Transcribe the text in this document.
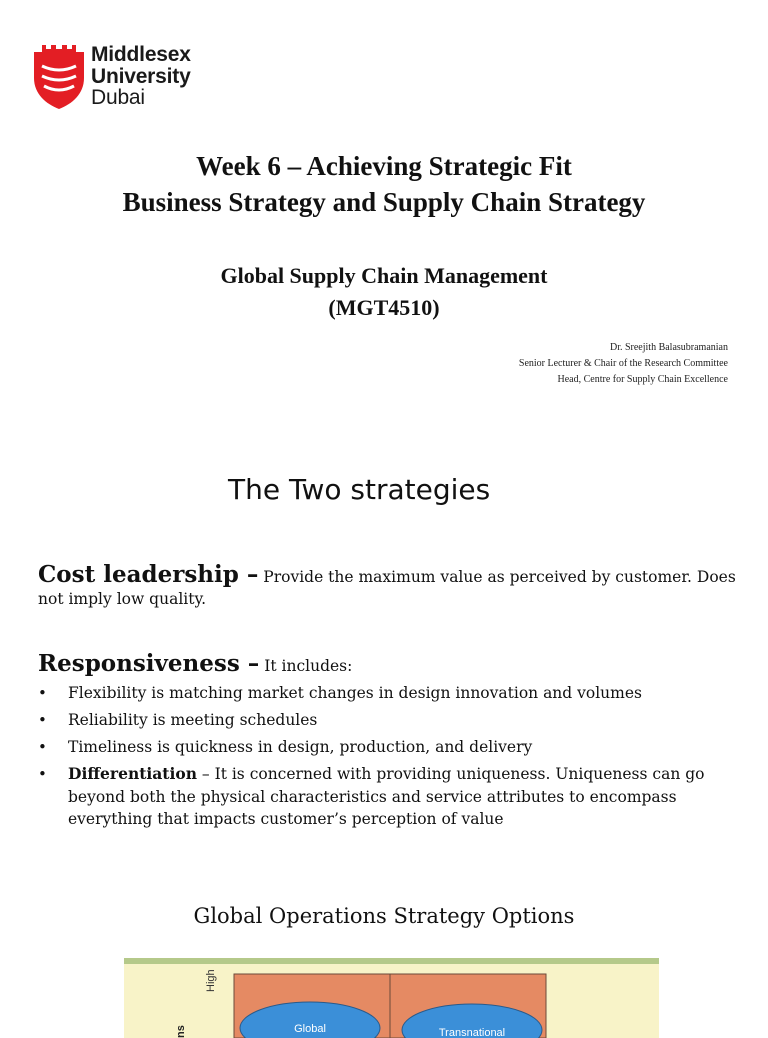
Middlesex
University
Dubai
Week 6 – Achieving Strategic Fit
Business Strategy and Supply Chain Strategy
Global Supply Chain Management
(MGT4510)
Dr. Sreejith Balasubramanian
Senior Lecturer & Chair of the Research Committee
Head, Centre for Supply Chain Excellence
The Two strategies
Cost leadership – Provide the maximum value as perceived by customer. Does not imply low quality.
Responsiveness – It includes:
• Flexibility is matching market changes in design innovation and volumes
• Reliability is meeting schedules
• Timeliness is quickness in design, production, and delivery
• Differentiation – It is concerned with providing uniqueness. Uniqueness can go beyond both the physical characteristics and service attributes to encompass everything that impacts customer’s perception of value
Global Operations Strategy Options
Global	Transnational
High
ns
